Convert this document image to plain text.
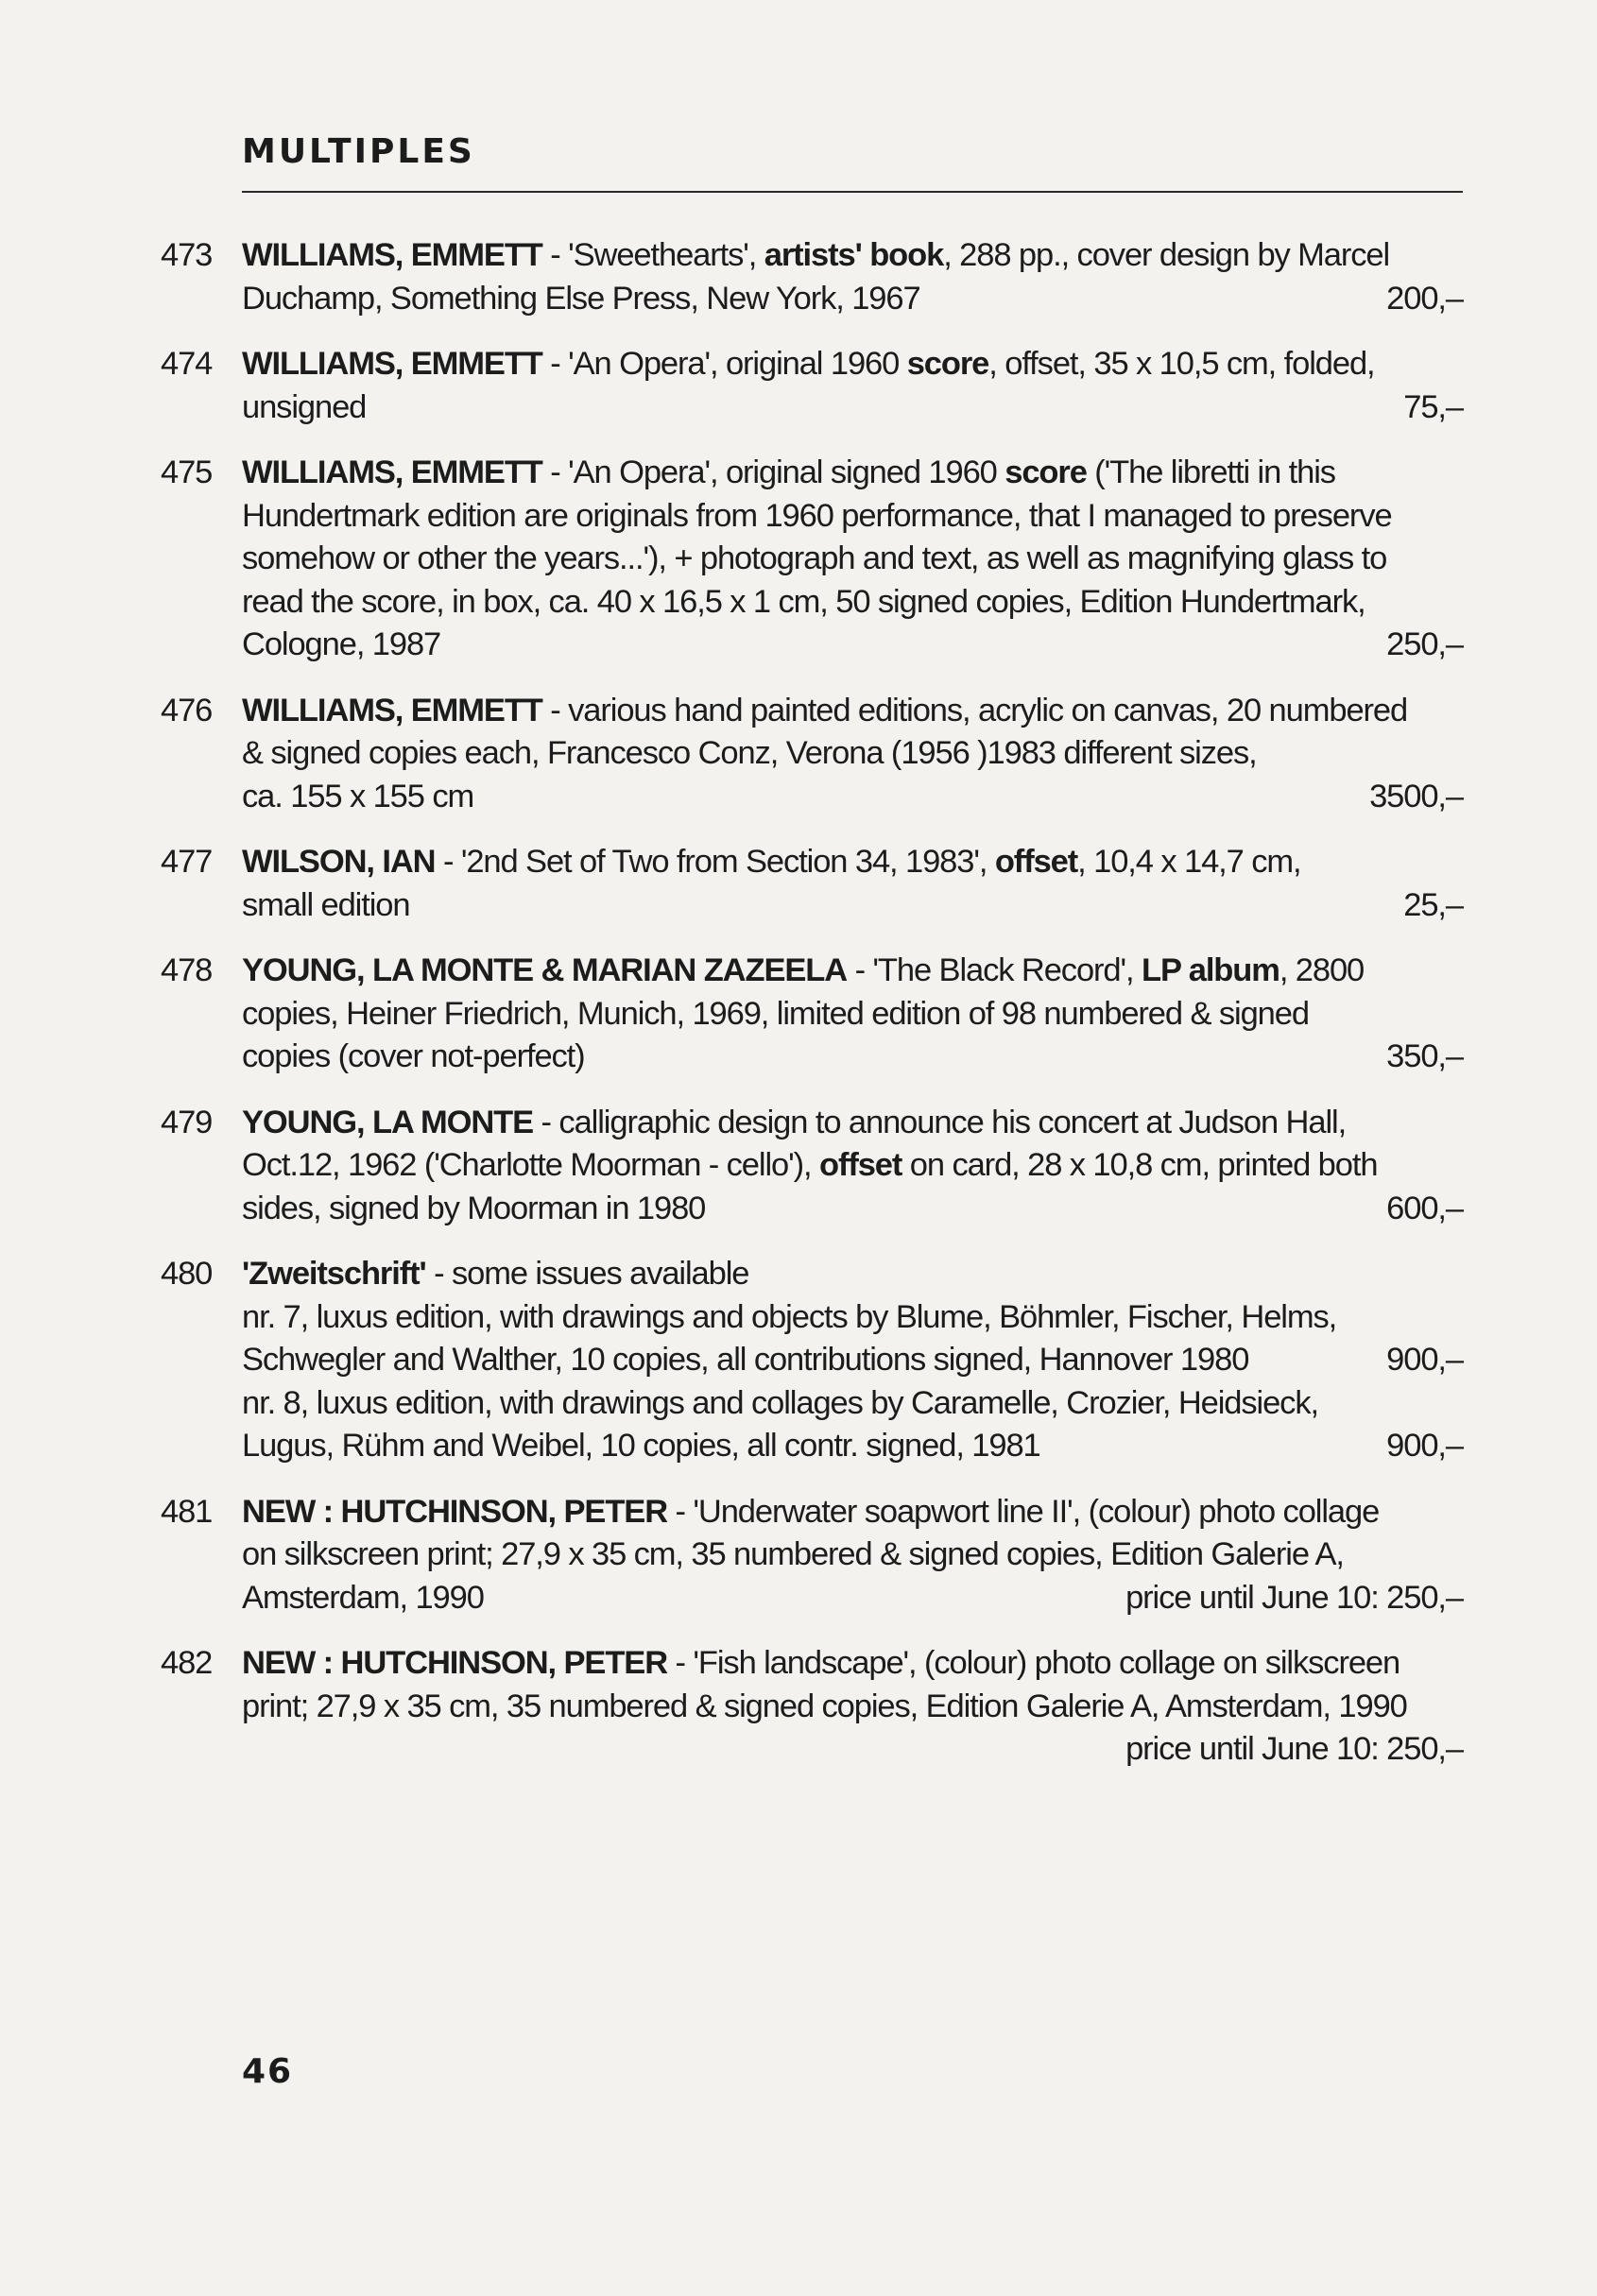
MULTIPLES
473 WILLIAMS, EMMETT - 'Sweethearts', artists' book, 288 pp., cover design by Marcel
Duchamp, Something Else Press, New York, 1967	200,–
474 WILLIAMS, EMMETT - 'An Opera', original 1960 score, offset, 35 x 10,5 cm, folded,
unsigned	75,–
475 WILLIAMS, EMMETT - 'An Opera', original signed 1960 score ('The libretti in this
Hundertmark edition are originals from 1960 performance, that I managed to preserve
somehow or other the years...'), + photograph and text, as well as magnifying glass to
read the score, in box, ca. 40 x 16,5 x 1 cm, 50 signed copies, Edition Hundertmark,
Cologne, 1987	250,–
476 WILLIAMS, EMMETT - various hand painted editions, acrylic on canvas, 20 numbered
& signed copies each, Francesco Conz, Verona (1956 )1983 different sizes,
ca. 155 x 155 cm	3500,–
477 WILSON, IAN - '2nd Set of Two from Section 34, 1983', offset, 10,4 x 14,7 cm,
small edition	25,–
478 YOUNG, LA MONTE & MARIAN ZAZEELA - 'The Black Record', LP album, 2800
copies, Heiner Friedrich, Munich, 1969, limited edition of 98 numbered & signed
copies (cover not-perfect)	350,–
479 YOUNG, LA MONTE - calligraphic design to announce his concert at Judson Hall,
Oct.12, 1962 ('Charlotte Moorman - cello'), offset on card, 28 x 10,8 cm, printed both
sides, signed by Moorman in 1980	600,–
480 'Zweitschrift' - some issues available
nr. 7, luxus edition, with drawings and objects by Blume, Böhmler, Fischer, Helms,
Schwegler and Walther, 10 copies, all contributions signed, Hannover 1980	900,–
nr. 8, luxus edition, with drawings and collages by Caramelle, Crozier, Heidsieck,
Lugus, Rühm and Weibel, 10 copies, all contr. signed, 1981	900,–
481 NEW : HUTCHINSON, PETER - 'Underwater soapwort line II', (colour) photo collage
on silkscreen print; 27,9 x 35 cm, 35 numbered & signed copies, Edition Galerie A,
Amsterdam, 1990	price until June 10: 250,–
482 NEW : HUTCHINSON, PETER - 'Fish landscape', (colour) photo collage on silkscreen
print; 27,9 x 35 cm, 35 numbered & signed copies, Edition Galerie A, Amsterdam, 1990
price until June 10: 250,–
46
